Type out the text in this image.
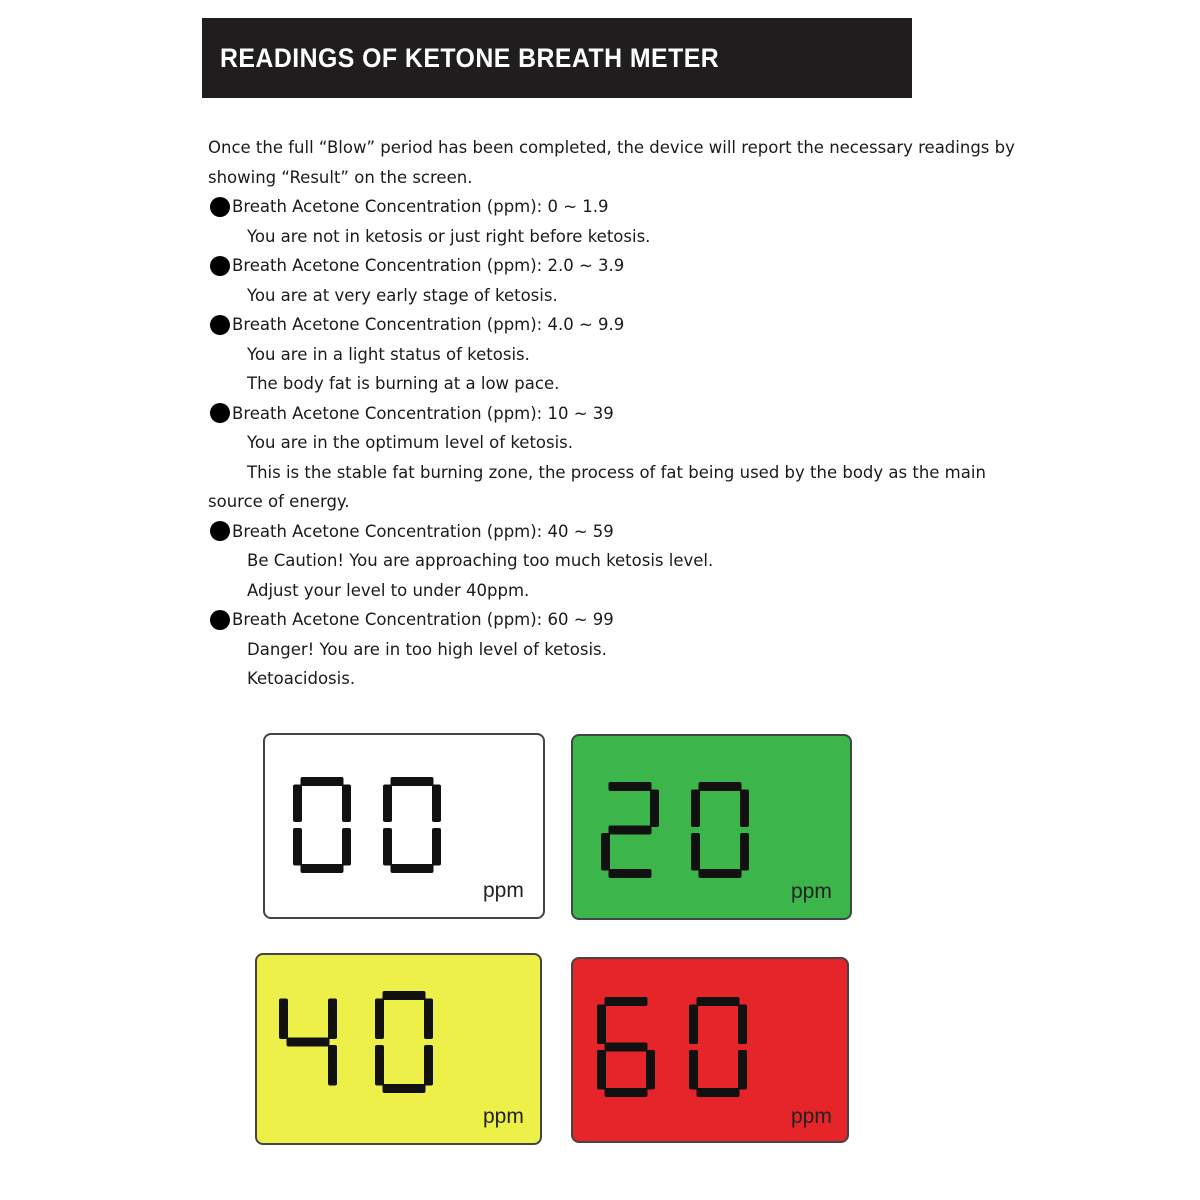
READINGS OF KETONE BREATH METER
Once the full “Blow” period has been completed, the device will report the necessary readings by
showing “Result” on the screen.
Breath Acetone Concentration (ppm): 0 ~ 1.9
You are not in ketosis or just right before ketosis.
Breath Acetone Concentration (ppm): 2.0 ~ 3.9
You are at very early stage of ketosis.
Breath Acetone Concentration (ppm): 4.0 ~ 9.9
You are in a light status of ketosis.
The body fat is burning at a low pace.
Breath Acetone Concentration (ppm): 10 ~ 39
You are in the optimum level of ketosis.
This is the stable fat burning zone, the process of fat being used by the body as the main
source of energy.
Breath Acetone Concentration (ppm): 40 ~ 59
Be Caution! You are approaching too much ketosis level.
Adjust your level to under 40ppm.
Breath Acetone Concentration (ppm): 60 ~ 99
Danger! You are in too high level of ketosis.
Ketoacidosis.
ppm	ppm
ppm	ppm
